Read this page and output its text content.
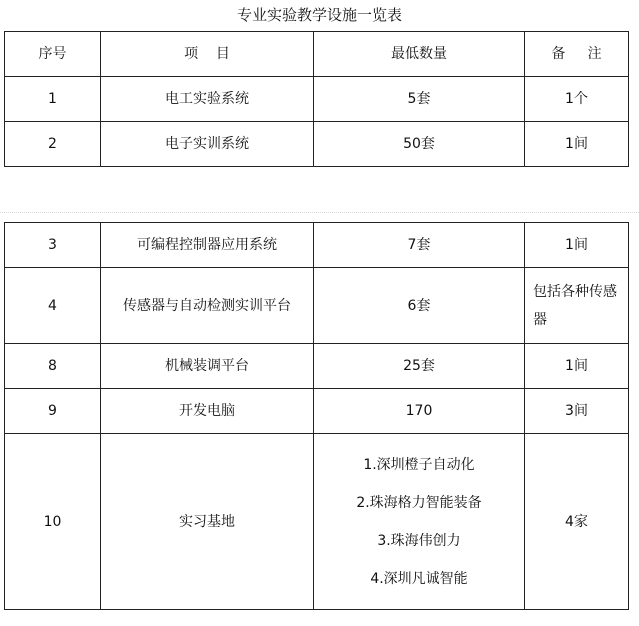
专业实验教学设施一览表
序号	项    目	最低数量	备     注
1	电工实验系统	5套	1个
2	电子实训系统	50套	1间
3	可编程控制器应用系统	7套	1间
4	传感器与自动检测实训平台	6套	包括各种传感器
8	机械装调平台	25套	1间
9	开发电脑	170	3间
10	实习基地	1.深圳橙子自动化
2.珠海格力智能装备
3.珠海伟创力
4.深圳凡诚智能	4家
